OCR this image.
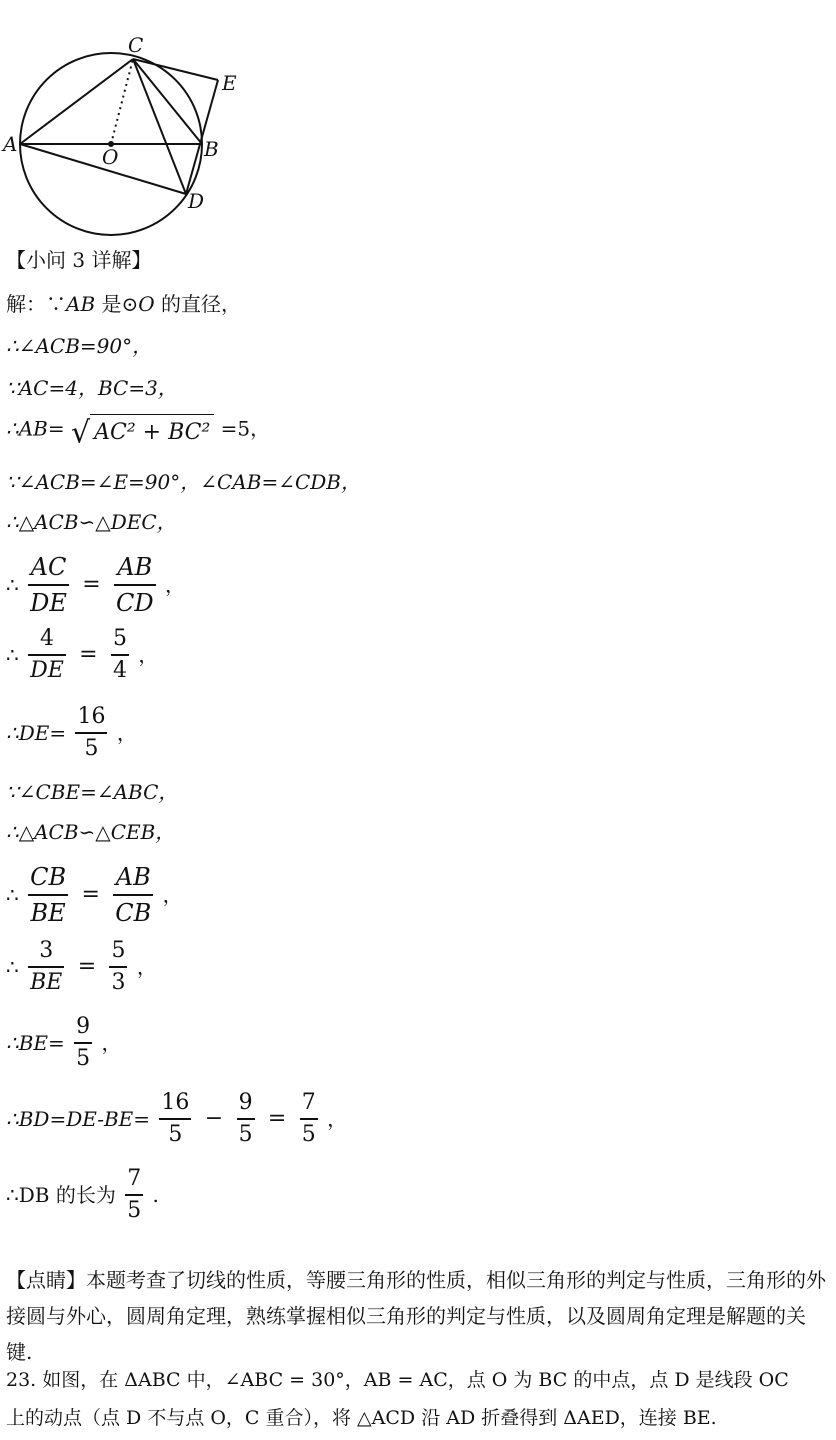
C
E
A
O	B
D
【小问 3 详解】
解：∵AB 是⊙O 的直径，
∴∠ACB=90°，
∵AC=4，BC=3，
∴AB= √ AC² + BC² =5，
∵∠ACB=∠E=90°，∠CAB=∠CDB，
∴△ACB∽△DEC，
∴ $\frac{AC}{DE} = \frac{AB}{CD}$ ，
∴ $\frac{4}{DE} = \frac{5}{4}$ ，
∴DE= $\frac{16}{5}$ ，
∵∠CBE=∠ABC，
∴△ACB∽△CEB，
∴ $\frac{CB}{BE} = \frac{AB}{CB}$ ，
∴ $\frac{3}{BE} = \frac{5}{3}$ ，
∴BE= $\frac{9}{5}$ ，
∴BD=DE-BE= $\frac{16}{5} - \frac{9}{5} = \frac{7}{5}$ ，
∴DB 的长为 $\frac{7}{5}$ .
【点睛】本题考查了切线的性质，等腰三角形的性质，相似三角形的判定与性质，三角形的外接圆与外心，圆周角定理，熟练掌握相似三角形的判定与性质，以及圆周角定理是解题的关键.
23. 如图，在 ΔABC 中，∠ABC = 30°，AB = AC，点 O 为 BC 的中点，点 D 是线段 OC
上的动点（点 D 不与点 O，C 重合），将 △ACD 沿 AD 折叠得到 ΔAED，连接 BE.
